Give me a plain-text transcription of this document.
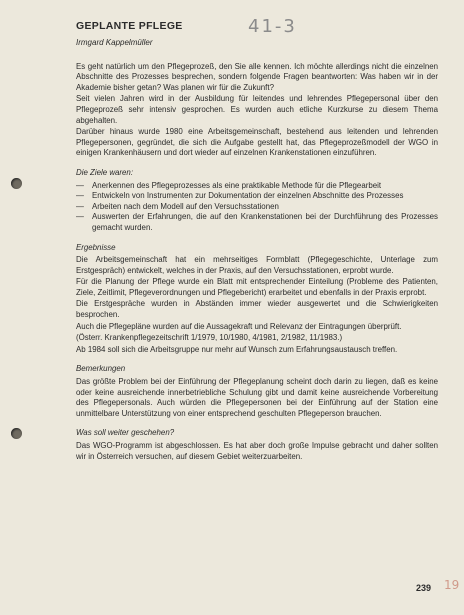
41-3
GEPLANTE PFLEGE
Irmgard Kappelmüller

Es geht natürlich um den Pflegeprozeß, den Sie alle kennen. Ich möchte allerdings nicht die einzelnen Abschnitte des Prozesses besprechen, sondern folgende Fragen beantworten: Was haben wir in der Akademie bisher getan? Was planen wir für die Zukunft?

Seit vielen Jahren wird in der Ausbildung für leitendes und lehrendes Pflegepersonal über den Pflegeprozeß sehr intensiv gesprochen. Es wurden auch etliche Kurzkurse zu diesem Thema abgehalten.

Darüber hinaus wurde 1980 eine Arbeitsgemeinschaft, bestehend aus leitenden und lehrenden Pflegepersonen, gegründet, die sich die Aufgabe gestellt hat, das Pflegeprozeßmodell der WGO in einigen Krankenhäusern und dort wieder auf einzelnen Krankenstationen einzuführen.

Die Ziele waren:
— Anerkennen des Pflegeprozesses als eine praktikable Methode für die Pflegearbeit
— Entwickeln von Instrumenten zur Dokumentation der einzelnen Abschnitte des Prozesses
— Arbeiten nach dem Modell auf den Versuchsstationen
— Auswerten der Erfahrungen, die auf den Krankenstationen bei der Durchführung des Prozesses gemacht wurden.
Ergebnisse

Die Arbeitsgemeinschaft hat ein mehrseitiges Formblatt (Pflegegeschichte, Unterlage zum Erstgespräch) entwickelt, welches in der Praxis, auf den Versuchsstationen, erprobt wurde.

Für die Planung der Pflege wurde ein Blatt mit entsprechender Einteilung (Probleme des Patienten, Ziele, Zeitlimit, Pflegeverordnungen und Pflegebericht) erarbeitet und ebenfalls in der Praxis erprobt.

Die Erstgespräche wurden in Abständen immer wieder ausgewertet und die Schwierigkeiten besprochen.

Auch die Pflegepläne wurden auf die Aussagekraft und Relevanz der Eintragungen überprüft.

(Österr. Krankenpflegezeitschrift 1/1979, 10/1980, 4/1981, 2/1982, 11/1983.)

Ab 1984 soll sich die Arbeitsgruppe nur mehr auf Wunsch zum Erfahrungsaustausch treffen.

Bemerkungen

Das größte Problem bei der Einführung der Pflegeplanung scheint doch darin zu liegen, daß es keine oder keine ausreichende innerbetriebliche Schulung gibt und damit keine ausreichende Vorbereitung des Pflegepersonals. Auch würden die Pflegepersonen bei der Einführung auf der Station eine unmittelbare Unterstützung von einer entsprechend geschulten Pflegeperson brauchen.

Was soll weiter geschehen?

Das WGO-Programm ist abgeschlossen. Es hat aber doch große Impulse gebracht und daher sollten wir in Österreich versuchen, auf diesem Gebiet weiterzuarbeiten.

239 19
